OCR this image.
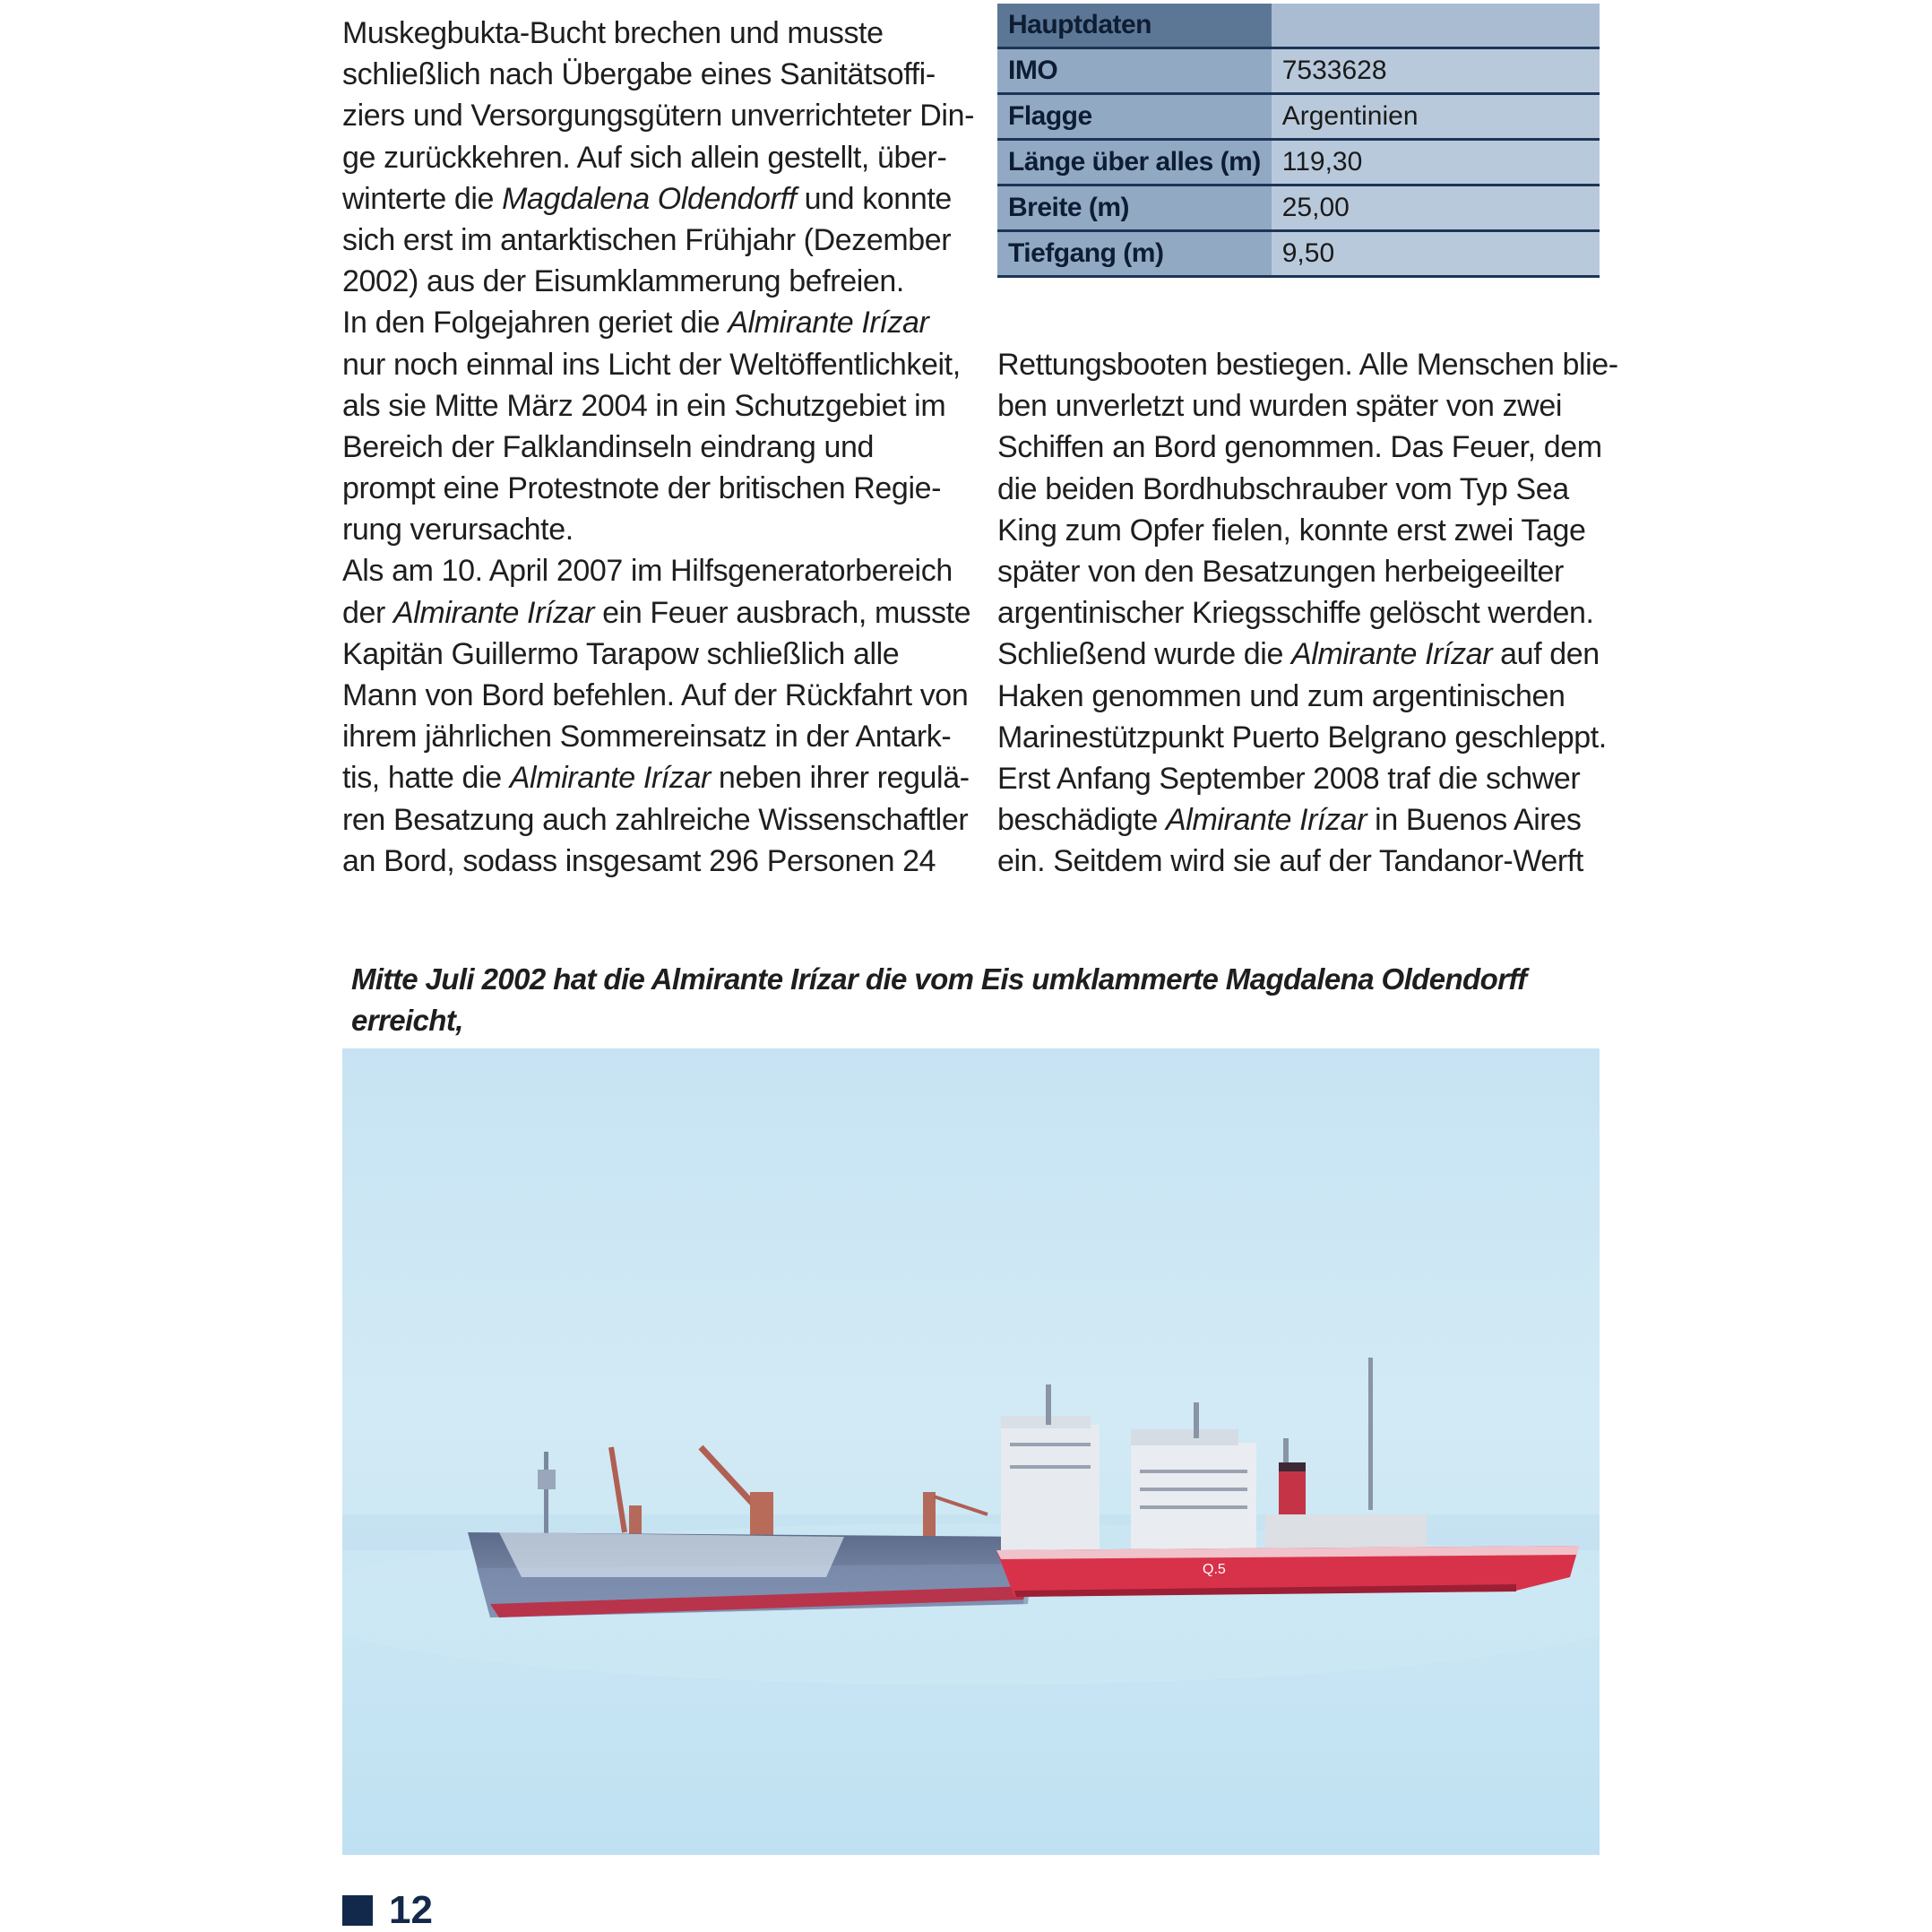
Muskegbukta-Bucht brechen und musste
schließlich nach Übergabe eines Sanitätsoffi-
ziers und Versorgungsgütern unverrichteter Din-
ge zurückkehren. Auf sich allein gestellt, über-
winterte die Magdalena Oldendorff und konnte
sich erst im antarktischen Frühjahr (Dezember
2002) aus der Eisumklammerung befreien.
In den Folgejahren geriet die Almirante Irízar
nur noch einmal ins Licht der Weltöffentlichkeit,
als sie Mitte März 2004 in ein Schutzgebiet im
Bereich der Falklandinseln eindrang und
prompt eine Protestnote der britischen Regie-
rung verursachte.
Als am 10. April 2007 im Hilfsgeneratorbereich
der Almirante Irízar ein Feuer ausbrach, musste
Kapitän Guillermo Tarapow schließlich alle
Mann von Bord befehlen. Auf der Rückfahrt von
ihrem jährlichen Sommereinsatz in der Antark-
tis, hatte die Almirante Irízar neben ihrer regulä-
ren Besatzung auch zahlreiche Wissenschaftler
an Bord, sodass insgesamt 296 Personen 24
Hauptdaten	
IMO	7533628
Flagge	Argentinien
Länge über alles (m)	119,30
Breite (m)	25,00
Tiefgang (m)	9,50
Rettungsbooten bestiegen. Alle Menschen blie-
ben unverletzt und wurden später von zwei
Schiffen an Bord genommen. Das Feuer, dem
die beiden Bordhubschrauber vom Typ Sea
King zum Opfer fielen, konnte erst zwei Tage
später von den Besatzungen herbeigeeilter
argentinischer Kriegsschiffe gelöscht werden.
Schließend wurde die Almirante Irízar auf den
Haken genommen und zum argentinischen
Marinestützpunkt Puerto Belgrano geschleppt.
Erst Anfang September 2008 traf die schwer
beschädigte Almirante Irízar in Buenos Aires
ein. Seitdem wird sie auf der Tandanor-Werft
Mitte Juli 2002 hat die Almirante Irízar die vom Eis umklammerte Magdalena Oldendorff erreicht,
Q.5
12
